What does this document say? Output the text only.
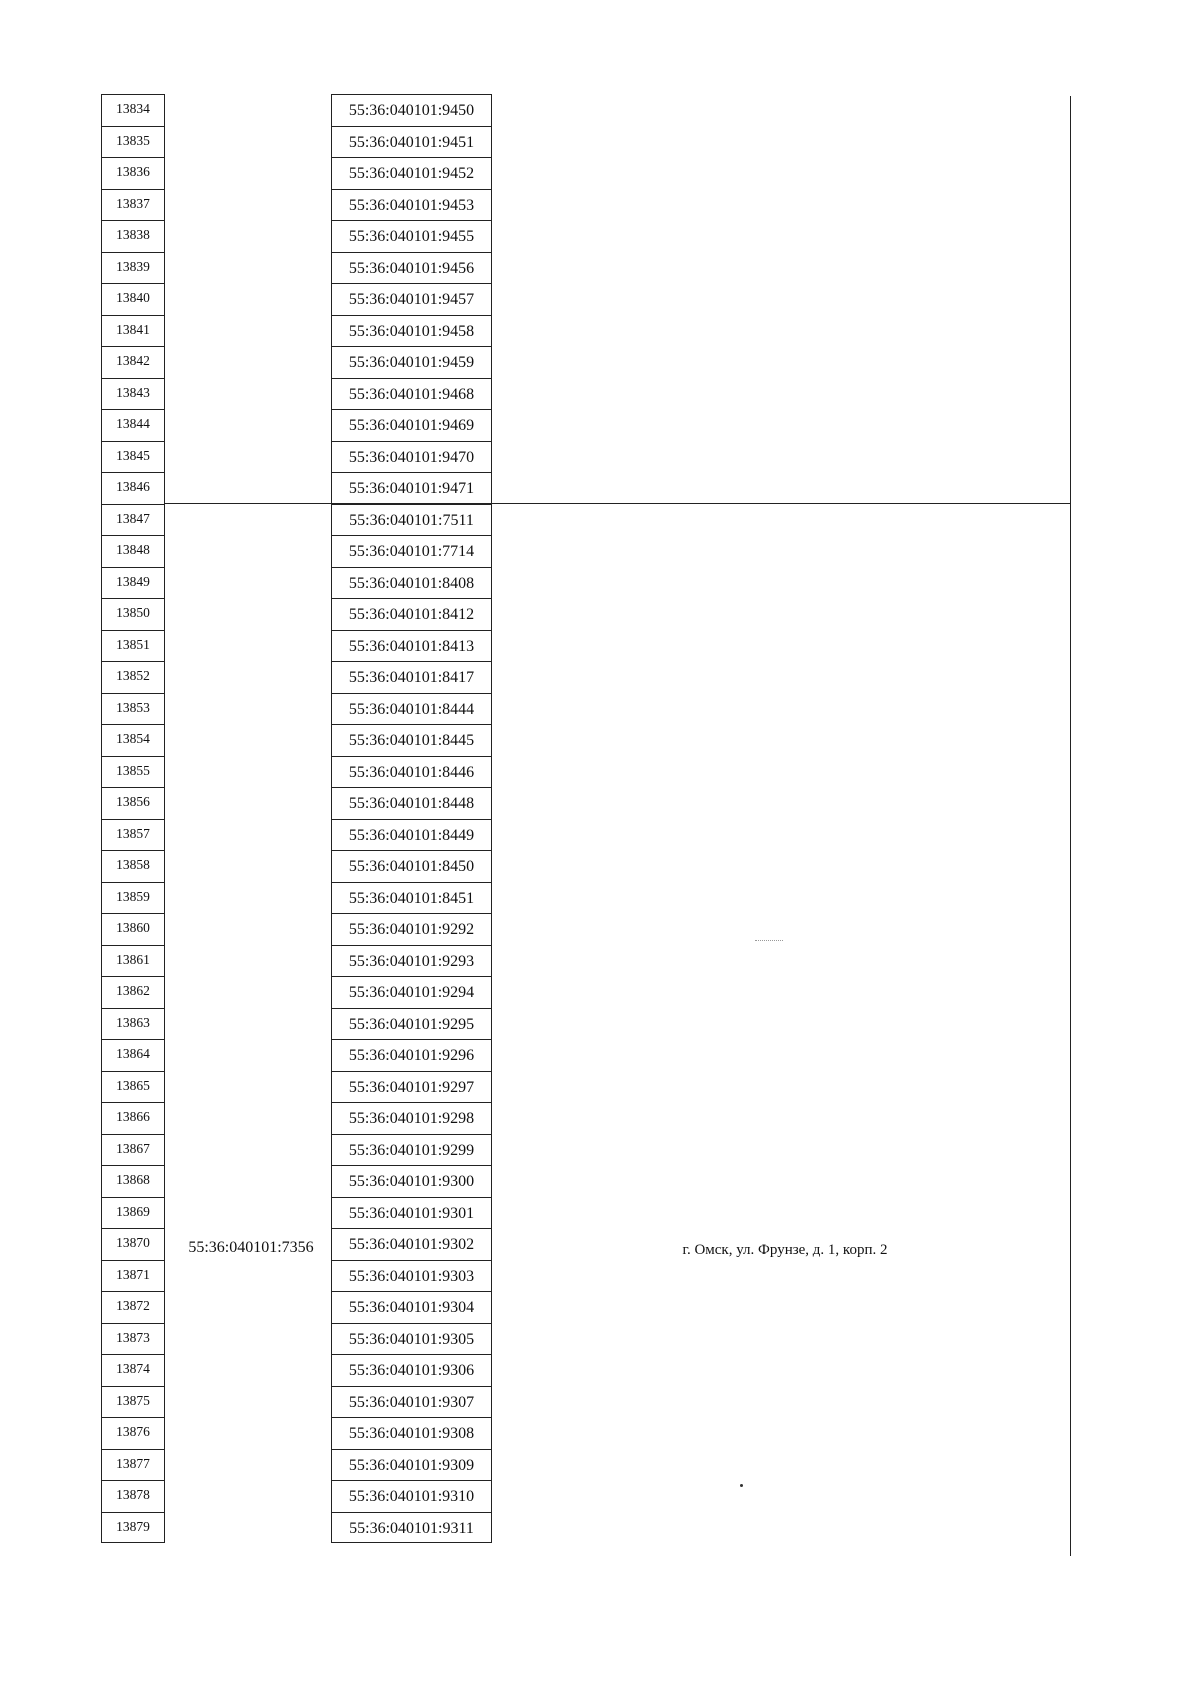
13834
13835
13836
13837
13838
13839
13840
13841
13842
13843
13844
13845
13846
13847
13848
13849
13850
13851
13852
13853
13854
13855
13856
13857
13858
13859
13860
13861
13862
13863
13864
13865
13866
13867
13868
13869
13870
13871
13872
13873
13874
13875
13876
13877
13878
13879
55:36:040101:9450
55:36:040101:9451
55:36:040101:9452
55:36:040101:9453
55:36:040101:9455
55:36:040101:9456
55:36:040101:9457
55:36:040101:9458
55:36:040101:9459
55:36:040101:9468
55:36:040101:9469
55:36:040101:9470
55:36:040101:9471
55:36:040101:7511
55:36:040101:7714
55:36:040101:8408
55:36:040101:8412
55:36:040101:8413
55:36:040101:8417
55:36:040101:8444
55:36:040101:8445
55:36:040101:8446
55:36:040101:8448
55:36:040101:8449
55:36:040101:8450
55:36:040101:8451
55:36:040101:9292
55:36:040101:9293
55:36:040101:9294
55:36:040101:9295
55:36:040101:9296
55:36:040101:9297
55:36:040101:9298
55:36:040101:9299
55:36:040101:9300
55:36:040101:9301
55:36:040101:9302
55:36:040101:9303
55:36:040101:9304
55:36:040101:9305
55:36:040101:9306
55:36:040101:9307
55:36:040101:9308
55:36:040101:9309
55:36:040101:9310
55:36:040101:9311
55:36:040101:7356	г. Омск, ул. Фрунзе, д. 1, корп. 2
